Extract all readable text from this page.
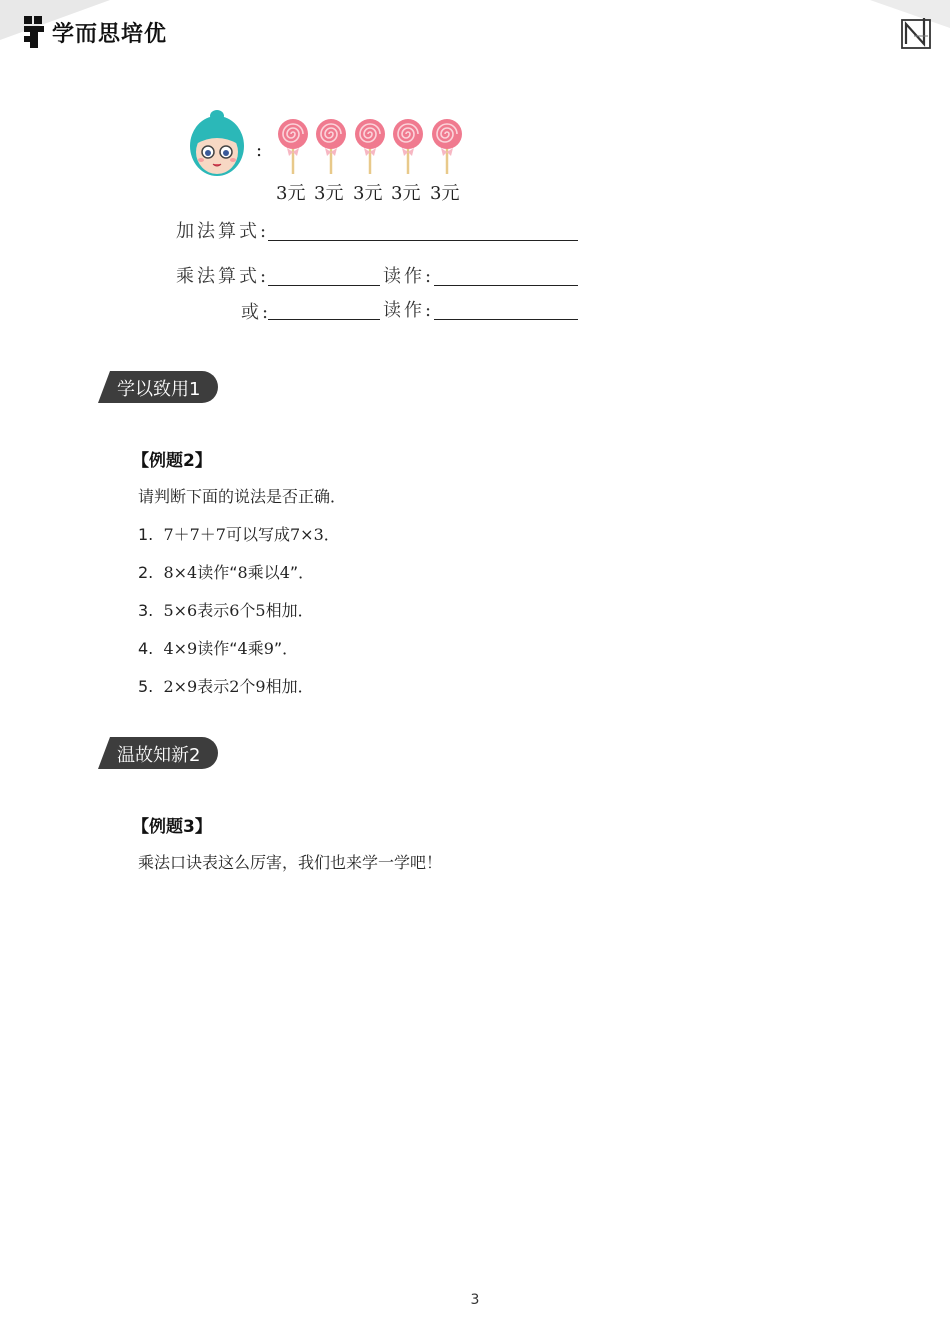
学而思培优
:
3元 3元 3元 3元 3元
加法算式:
乘法算式:	读作:
或:	读作:
学以致用1
【例题2】
请判断下面的说法是否正确．
1. 7＋7＋7可以写成7×3．
2. 8×4读作“8乘以4”．
3. 5×6表示6个5相加．
4. 4×9读作“4乘9”．
5. 2×9表示2个9相加．
温故知新2
【例题3】
乘法口诀表这么厉害，我们也来学一学吧！
3
